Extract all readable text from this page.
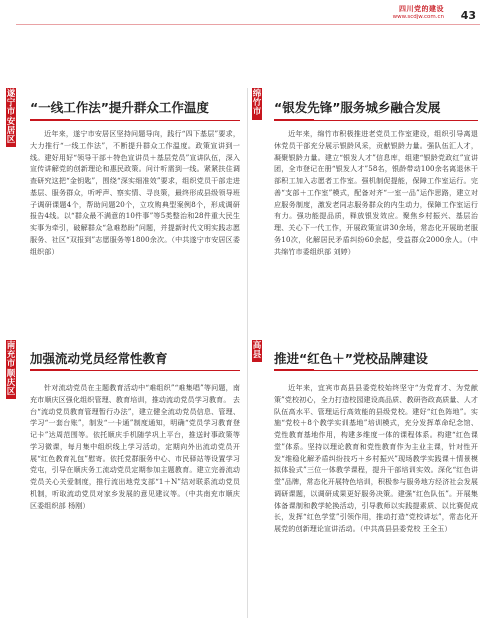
四川党的建设
www.scdjw.com.cn 43
遂
宁
市
安
居
区
“一线工作法”提升群众工作温度
近年来，遂宁市安居区坚持问题导向，践行“四下基层”要求，大力推行“一线工作法”，不断提升群众工作温度。政策宣讲到一线。建好用好“领导干部＋特色宣讲员＋基层党员”宣讲队伍，深入宣传讲解党的创新理论和惠民政策。问计听需到一线。紧紧扶住调查研究这把“金钥匙”，围绕“深实细准效”要求，组织党员干部走进基层、服务群众，听呼声、察实情、寻良策，最终形成县级领导班子调研课题4个，帮助问题20个，立攻购典型案例8个，形成调研报告4线。以“群众最不满意的10件事”等5类整治和28件重大民生实事为牵引，破解群众“急难愁盼”问题，并提新时代文明实践志愿服务、社区“双报到”志愿服务等1800余次。（中共遂宁市安居区委组织部）
南
充
市
顺
庆
区
加强流动党员经常性教育
针对流动党员在主题教育活动中“难组织”“难集唱”等问题，南充市顺庆区强化组织管理、教育培训，推动流动党员学习教育。 去台“流动党员教育管理暂行办法”，建立健全流动党员信息、管理、学习“一套台账”，制发“一卡通”制度通知，明确“党员学习教育登记卡”达周范围等。依托顺庆手机随学巩上平台，推送时事政策等学习微课，每月集中组织线上学习活动，定期向外出流动党员开展“红色教育礼包”慰寄。依托党群服务中心、市民驿站等设置学习党屯，引导在顺庆务工流动党员定期参加主题教育。建立完善流动党员关心关爱制度，推行流出地党支部“1＋N”结对联系流动党员机制，听取流动党员对家乡发展的意见建议等。（中共南充市顺庆区委组织部 杨刚）
绵
竹
市 “银发先锋”服务城乡融合发展
近年来，绵竹市积极推进老党员工作室建设，组织引导离退休党员干部充分展示银龄风采，贡献银龄力量。强队伍汇人才，凝聚银龄力量。建立“银发人才”信息库，组建“银龄党政红”宣讲团，全市登记在册“银发人才”58名，银龄带动100余名离退休干部积工加入志愿者工作室。强机制促提能，保障工作室运行。完善“支部＋工作室”模式，配备对齐“一室一品”运作思路，建立对应服务制度，激发老同志服务群众的内生动力，保障工作室运行有力。强功能提品质，释放银发效应。聚焦乡村振兴、基层治理、关心下一代工作，开展政策宣讲30余场，常态化开展助老服务10次，化解居民矛盾纠纷60余起，受益群众2000余人。（中共绵竹市委组织部 刘婷）
高
县 推进“红色＋”党校品牌建设
近年来，宜宾市高县县委党校始终坚守“为党育才、为党献策”党校初心，全力打造校园建设高品质、教研咨政高质量、人才队伍高水平、管理运行高效能的县级党校。建好“红色阵地”。实施“党校＋8个教学实训基地”培训模式，充分发挥革命纪念馆、党性教育基地作用，构建多维度一体的课程体系。构建“红色课堂”体系。坚持以理论教育和党性教育作为主业主课，针对性开发“维稳化解矛盾纠纷技巧＋乡村振兴”现场教学实践课＋情景模拟体验式”三位一体教学课程，提升干部培训实效。深化“红色讲堂”品牌，常态化开展特色培训，积极参与服务地方经济社会发展调研课题，以调研成果更好服务决策。建强“红色队伍”。开展集体备课制和教学轮换活动，引导教师以实践提素质、以比赛促成长，发挥“红色学堂”引领作用，推动打造“党校讲坛”，常态化开展党的创新理论宣讲活动。（中共高县县委党校 王全玉）
